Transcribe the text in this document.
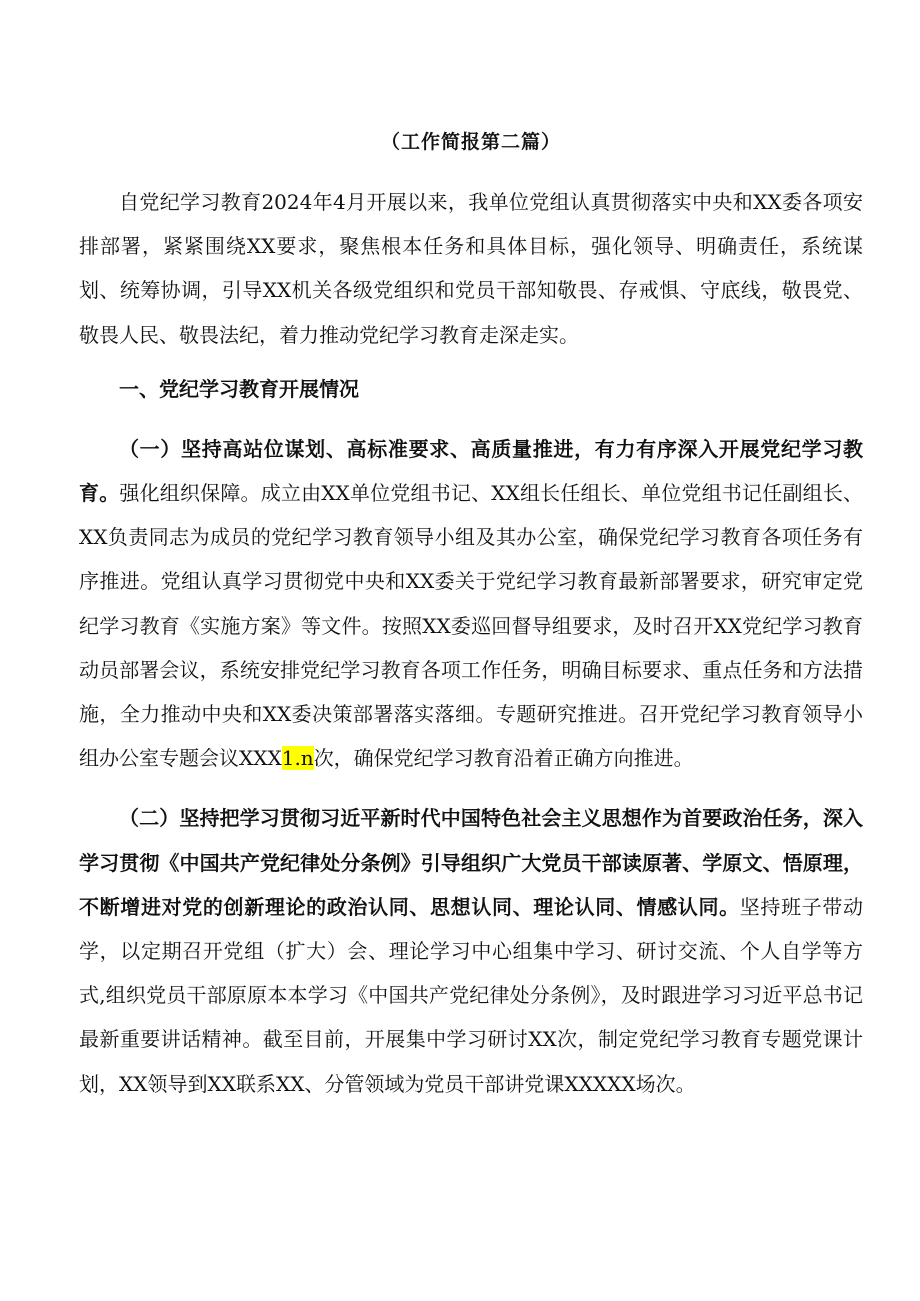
（工作简报第二篇）

自党纪学习教育2024年4月开展以来，我单位党组认真贯彻落实中央和XX委各项安排部署，紧紧围绕XX要求，聚焦根本任务和具体目标，强化领导、明确责任，系统谋划、统筹协调，引导XX机关各级党组织和党员干部知敬畏、存戒惧、守底线，敬畏党、敬畏人民、敬畏法纪，着力推动党纪学习教育走深走实。

一、党纪学习教育开展情况

（一）坚持高站位谋划、高标准要求、高质量推进，有力有序深入开展党纪学习教育。强化组织保障。成立由XX单位党组书记、XX组长任组长、单位党组书记任副组长、XX负责同志为成员的党纪学习教育领导小组及其办公室，确保党纪学习教育各项任务有序推进。党组认真学习贯彻党中央和XX委关于党纪学习教育最新部署要求，研究审定党纪学习教育《实施方案》等文件。按照XX委巡回督导组要求，及时召开XX党纪学习教育动员部署会议，系统安排党纪学习教育各项工作任务，明确目标要求、重点任务和方法措施，全力推动中央和XX委决策部署落实落细。专题研究推进。召开党纪学习教育领导小组办公室专题会议XXX1.n次，确保党纪学习教育沿着正确方向推进。

（二）坚持把学习贯彻习近平新时代中国特色社会主义思想作为首要政治任务，深入学习贯彻《中国共产党纪律处分条例》引导组织广大党员干部读原著、学原文、悟原理，不断增进对党的创新理论的政治认同、思想认同、理论认同、情感认同。坚持班子带动学，以定期召开党组（扩大）会、理论学习中心组集中学习、研讨交流、个人自学等方式,组织党员干部原原本本学习《中国共产党纪律处分条例》，及时跟进学习习近平总书记最新重要讲话精神。截至目前，开展集中学习研讨XX次，制定党纪学习教育专题党课计划，XX领导到XX联系XX、分管领域为党员干部讲党课XXXXX场次。
